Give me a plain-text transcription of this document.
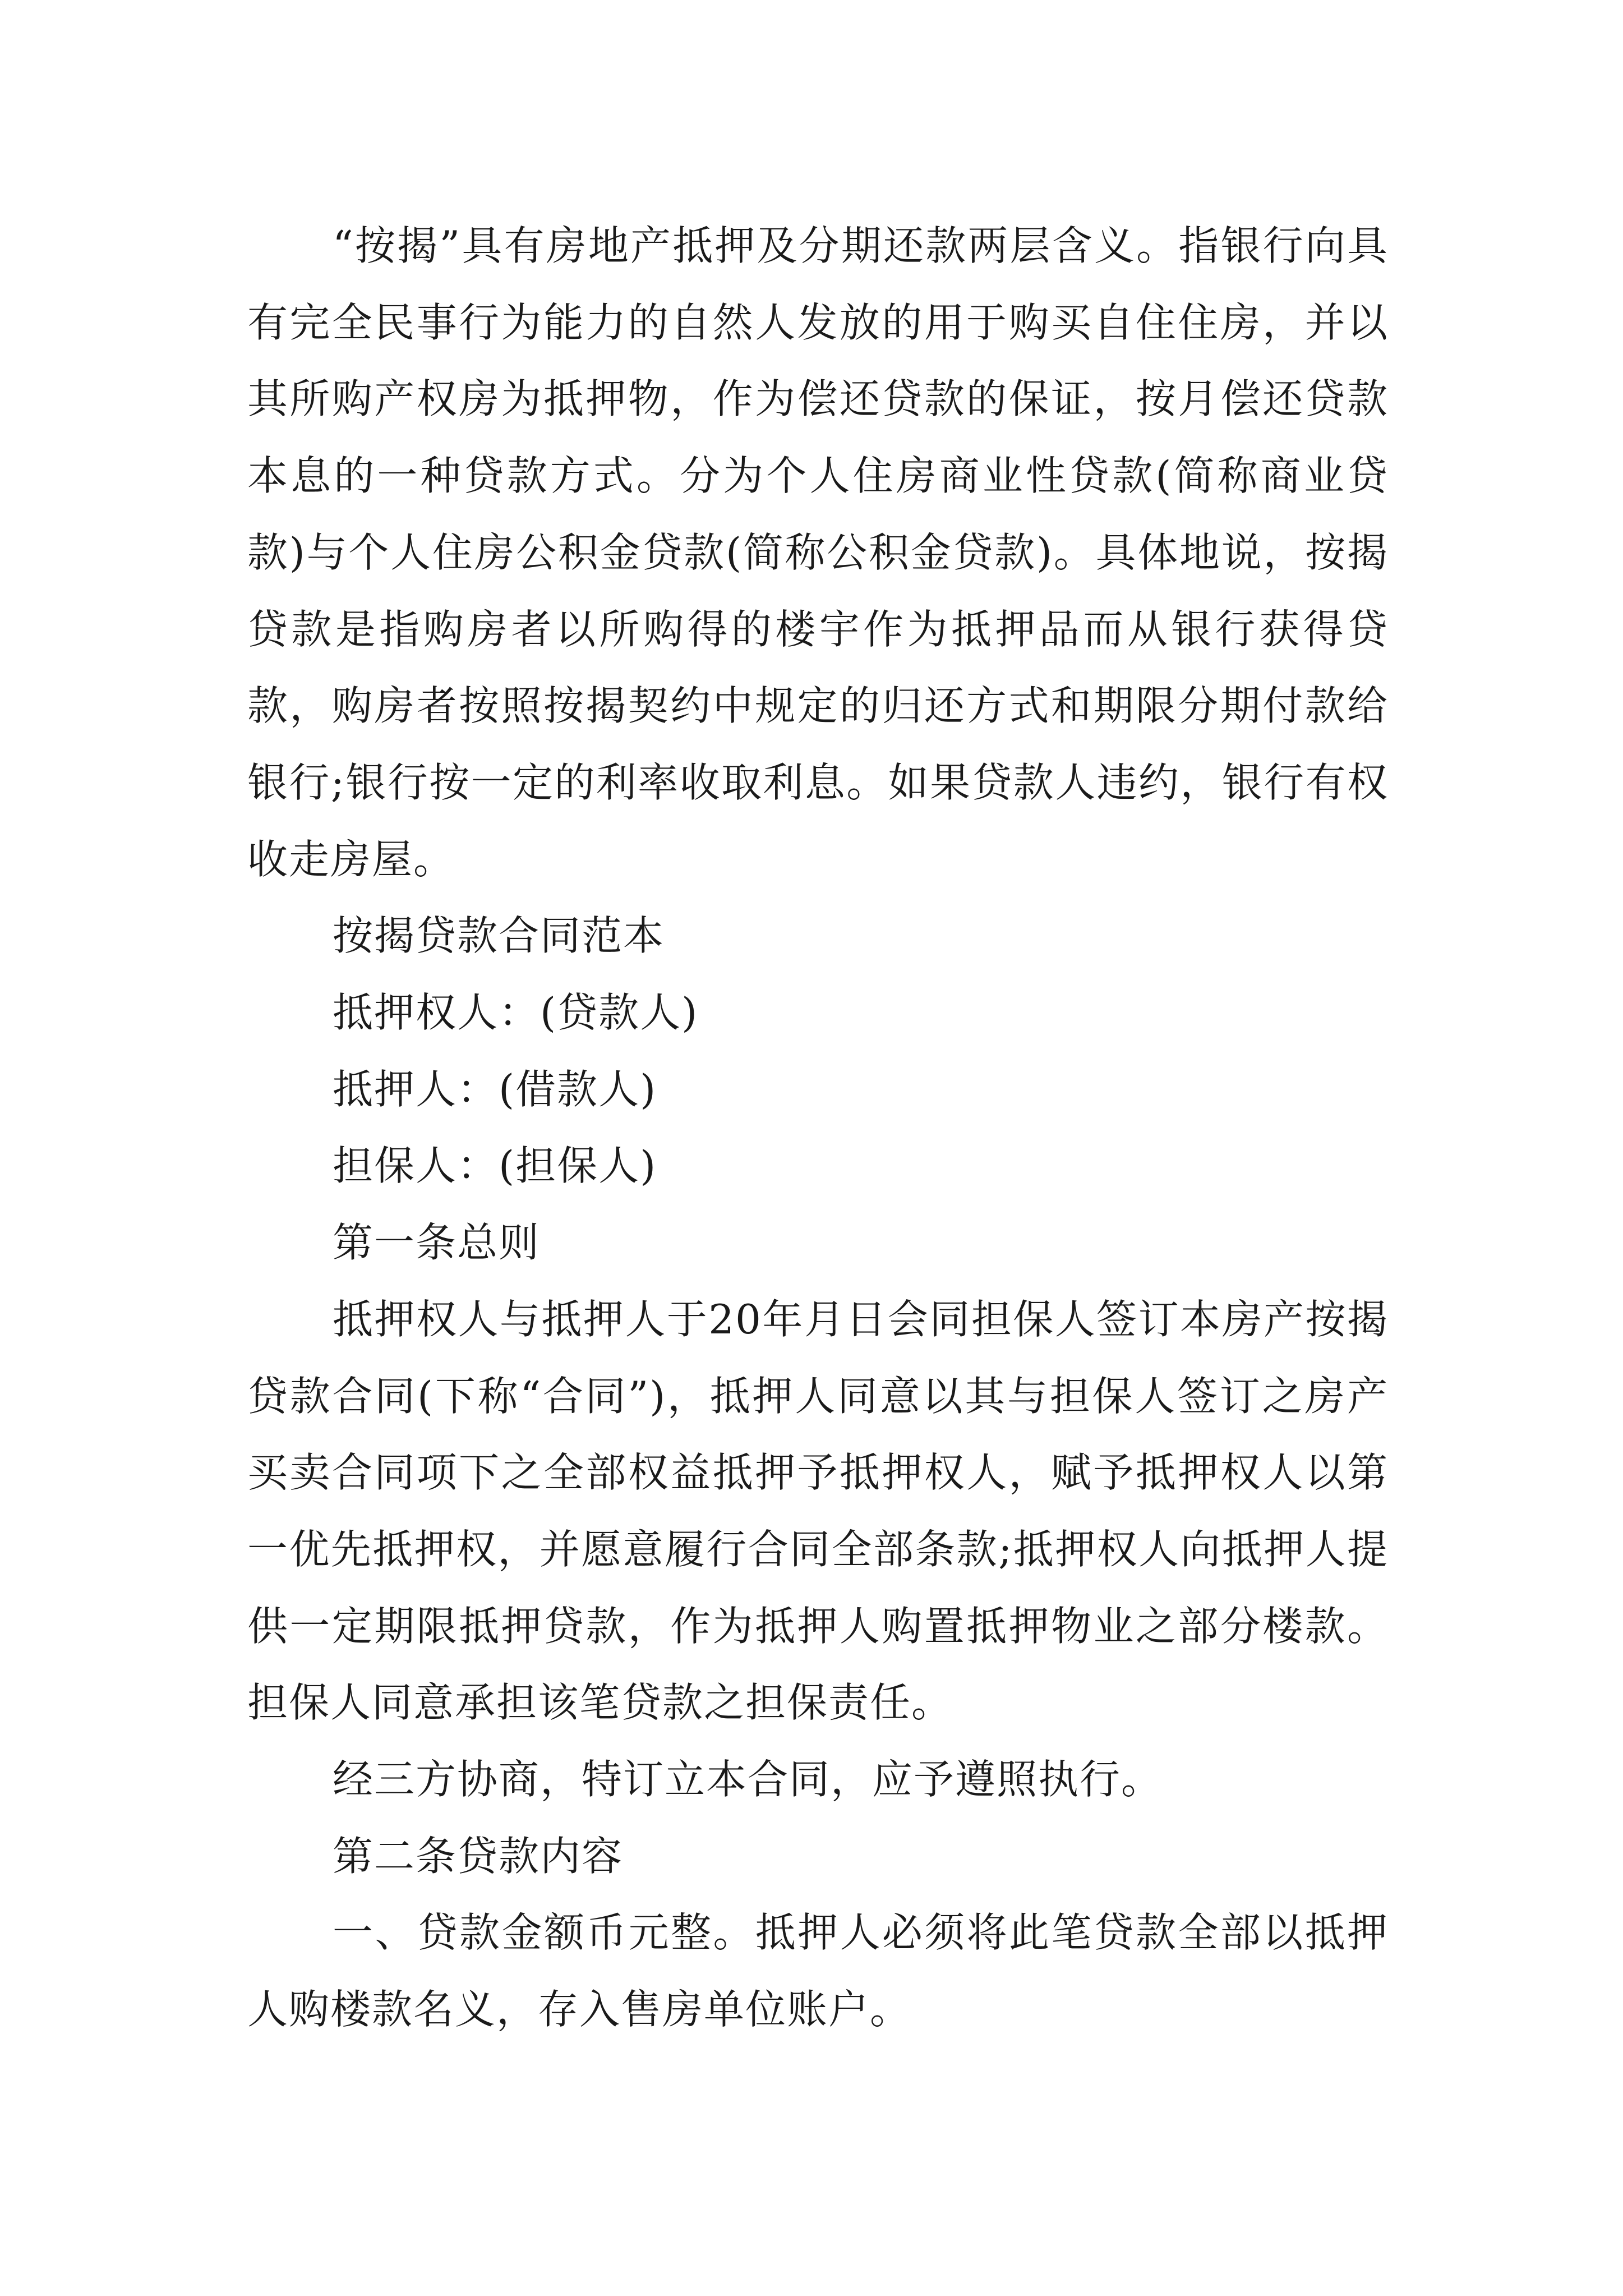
“按揭”具有房地产抵押及分期还款两层含义。指银行向具有完全民事行为能力的自然人发放的用于购买自住住房，并以其所购产权房为抵押物，作为偿还贷款的保证，按月偿还贷款本息的一种贷款方式。分为个人住房商业性贷款(简称商业贷款)与个人住房公积金贷款(简称公积金贷款)。具体地说，按揭贷款是指购房者以所购得的楼宇作为抵押品而从银行获得贷款，购房者按照按揭契约中规定的归还方式和期限分期付款给银行;银行按一定的利率收取利息。如果贷款人违约，银行有权收走房屋。

按揭贷款合同范本

抵押权人：(贷款人)

抵押人：(借款人)

担保人：(担保人)

第一条总则

抵押权人与抵押人于20年月日会同担保人签订本房产按揭贷款合同(下称“合同”)，抵押人同意以其与担保人签订之房产买卖合同项下之全部权益抵押予抵押权人，赋予抵押权人以第一优先抵押权，并愿意履行合同全部条款;抵押权人向抵押人提供一定期限抵押贷款，作为抵押人购置抵押物业之部分楼款。担保人同意承担该笔贷款之担保责任。

经三方协商，特订立本合同，应予遵照执行。

第二条贷款内容

一、贷款金额币元整。抵押人必须将此笔贷款全部以抵押人购楼款名义，存入售房单位账户。
